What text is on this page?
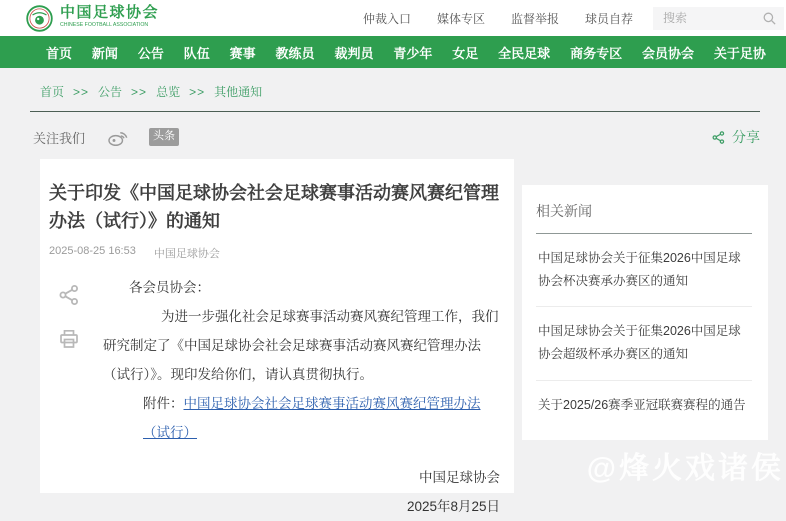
中国足球协会
CHINESE FOOTBALL ASSOCIATION	仲裁入口 媒体专区 监督举报 球员自荐
搜索
首页	新闻	公告	队伍	赛事	教练员	裁判员	青少年	女足	全民足球	商务专区	会员协会	关于足协
首页 >> 公告 >> 总览 >> 其他通知
关注我们	头条	分享
关于印发《中国足球协会社会足球赛事活动赛风赛纪管理办法（试行）》的通知
2025-08-25 16:53 中国足球协会
各会员协会：
为进一步强化社会足球赛事活动赛风赛纪管理工作，我们研究制定了《中国足球协会社会足球赛事活动赛风赛纪管理办法（试行）》。现印发给你们，请认真贯彻执行。
附件：中国足球协会社会足球赛事活动赛风赛纪管理办法（试行）
中国足球协会
2025年8月25日
相关新闻
中国足球协会关于征集2026中国足球协会杯决赛承办赛区的通知
中国足球协会关于征集2026中国足球协会超级杯承办赛区的通知
关于2025/26赛季亚冠联赛赛程的通告
@烽火戏诸侯
